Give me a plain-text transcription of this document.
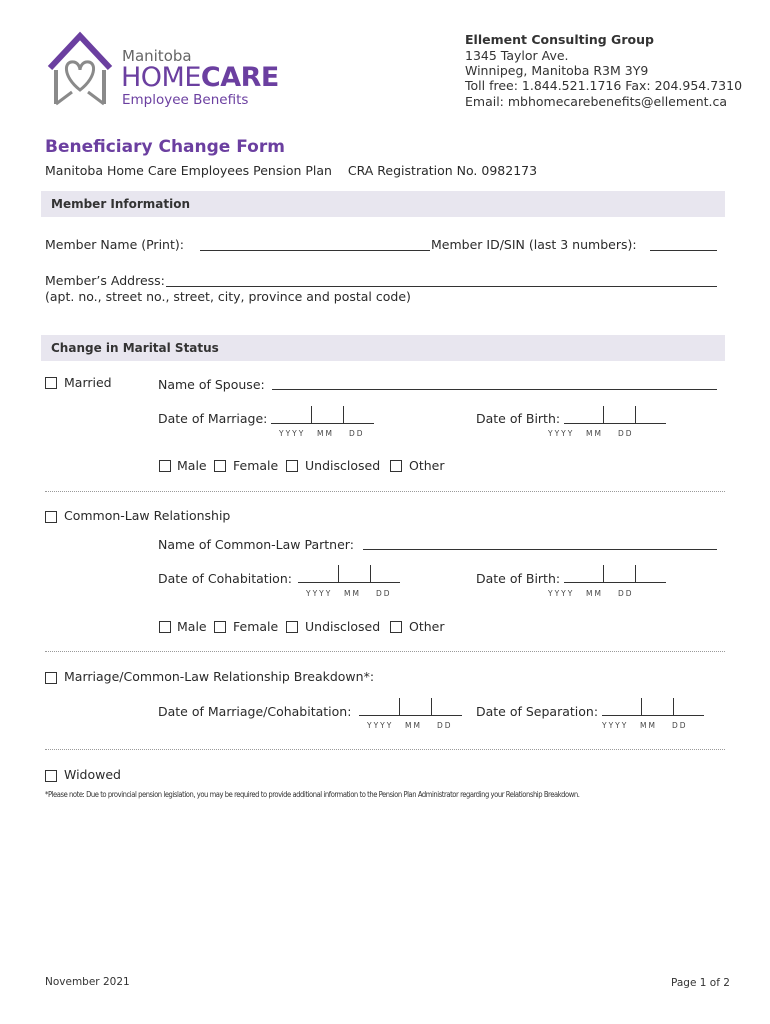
Manitoba
HOMECARE
Employee Benefits
Ellement Consulting Group
1345 Taylor Ave.
Winnipeg, Manitoba R3M 3Y9
Toll free: 1.844.521.1716 Fax: 204.954.7310
Email: mbhomecarebenefits@ellement.ca
Beneficiary Change Form
Manitoba Home Care Employees Pension Plan    CRA Registration No. 0982173
Member Information
Member Name (Print):	Member ID/SIN (last 3 numbers):
Member’s Address:
(apt. no., street no., street, city, province and postal code)
Change in Marital Status
Married	Name of Spouse:
Date of Marriage:
YYYY MM DD
Date of Birth:
YYYY MM DD
Male Female Undisclosed Other
Common-Law Relationship
Name of Common-Law Partner:
Date of Cohabitation:
YYYY MM DD
Date of Birth:
YYYY MM DD
Male Female Undisclosed Other
Marriage/Common-Law Relationship Breakdown*:
Date of Marriage/Cohabitation:
YYYY MM DD
Date of Separation:
YYYY MM DD
Widowed
*Please note: Due to provincial pension legislation, you may be required to provide additional information to the Pension Plan Administrator regarding your Relationship Breakdown.
November 2021	Page 1 of 2
